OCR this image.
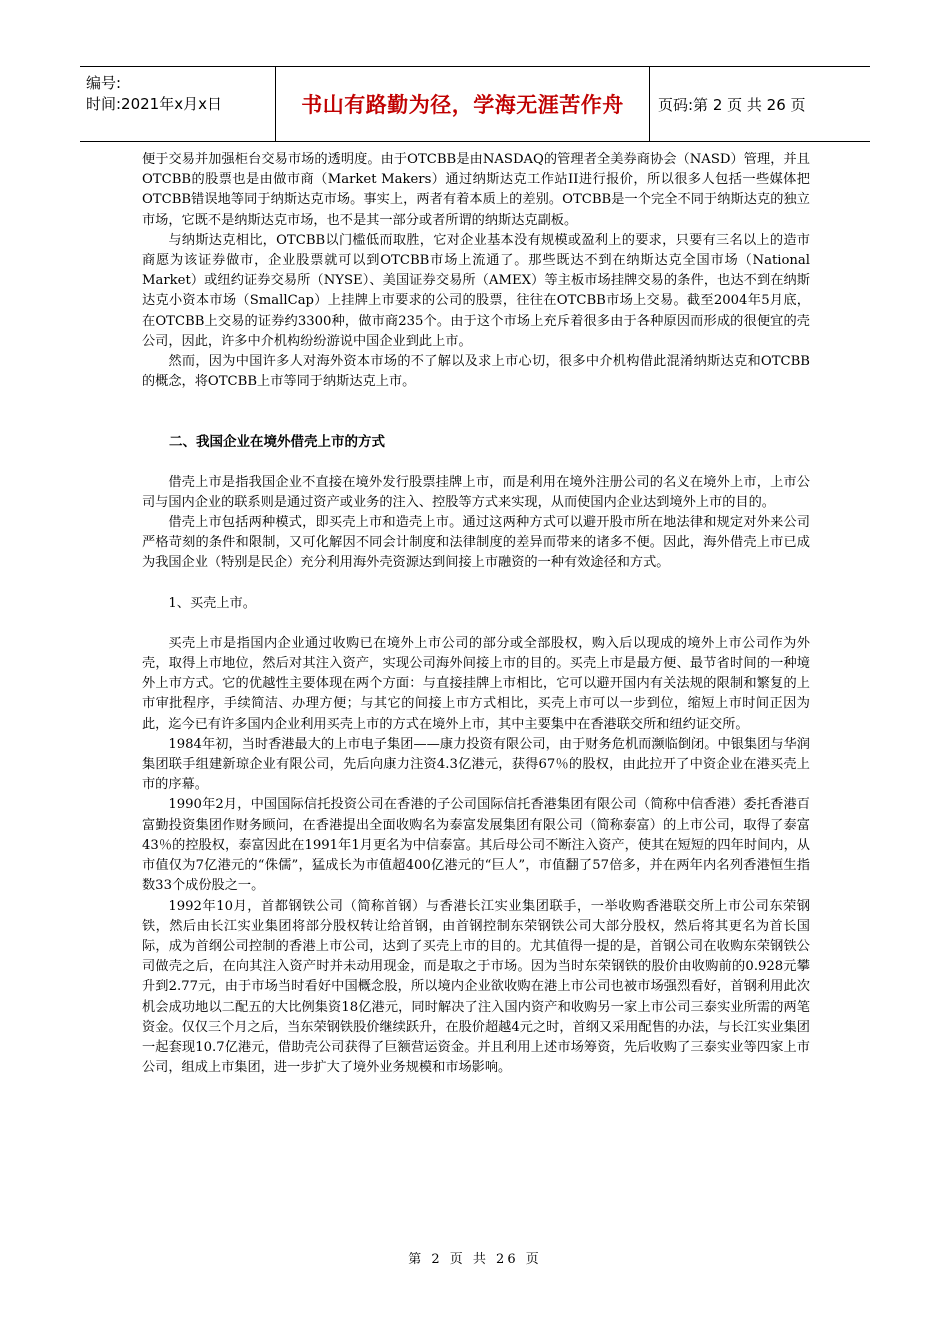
编号:
时间:2021年x月x日	书山有路勤为径，学海无涯苦作舟	页码:第 2 页 共 26 页

便于交易并加强柜台交易市场的透明度。由于OTCBB是由NASDAQ的管理者全美券商协会（NASD）管理，并且OTCBB的股票也是由做市商（Market Makers）通过纳斯达克工作站II进行报价，所以很多人包括一些媒体把OTCBB错误地等同于纳斯达克市场。事实上，两者有着本质上的差别。OTCBB是一个完全不同于纳斯达克的独立市场，它既不是纳斯达克市场，也不是其一部分或者所谓的纳斯达克副板。

与纳斯达克相比，OTCBB以门槛低而取胜，它对企业基本没有规模或盈利上的要求，只要有三名以上的造市商愿为该证券做市，企业股票就可以到OTCBB市场上流通了。那些既达不到在纳斯达克全国市场（National Market）或纽约证券交易所（NYSE）、美国证券交易所（AMEX）等主板市场挂牌交易的条件，也达不到在纳斯达克小资本市场（SmallCap）上挂牌上市要求的公司的股票，往往在OTCBB市场上交易。截至2004年5月底，在OTCBB上交易的证券约3300种，做市商235个。由于这个市场上充斥着很多由于各种原因而形成的很便宜的壳公司，因此，许多中介机构纷纷游说中国企业到此上市。

然而，因为中国许多人对海外资本市场的不了解以及求上市心切，很多中介机构借此混淆纳斯达克和OTCBB的概念，将OTCBB上市等同于纳斯达克上市。

二、我国企业在境外借壳上市的方式

借壳上市是指我国企业不直接在境外发行股票挂牌上市，而是利用在境外注册公司的名义在境外上市，上市公司与国内企业的联系则是通过资产或业务的注入、控股等方式来实现，从而使国内企业达到境外上市的目的。

借壳上市包括两种模式，即买壳上市和造壳上市。通过这两种方式可以避开股市所在地法律和规定对外来公司严格苛刻的条件和限制，又可化解因不同会计制度和法律制度的差异而带来的诸多不便。因此，海外借壳上市已成为我国企业（特别是民企）充分利用海外壳资源达到间接上市融资的一种有效途径和方式。

1、买壳上市。

买壳上市是指国内企业通过收购已在境外上市公司的部分或全部股权，购入后以现成的境外上市公司作为外壳，取得上市地位，然后对其注入资产，实现公司海外间接上市的目的。买壳上市是最方便、最节省时间的一种境外上市方式。它的优越性主要体现在两个方面：与直接挂牌上市相比，它可以避开国内有关法规的限制和繁复的上市审批程序，手续简洁、办理方便；与其它的间接上市方式相比，买壳上市可以一步到位，缩短上市时间正因为此，迄今已有许多国内企业利用买壳上市的方式在境外上市，其中主要集中在香港联交所和纽约证交所。

1984年初，当时香港最大的上市电子集团——康力投资有限公司，由于财务危机而濒临倒闭。中银集团与华润集团联手组建新琼企业有限公司，先后向康力注资4.3亿港元，获得67％的股权，由此拉开了中资企业在港买壳上市的序幕。

1990年2月，中国国际信托投资公司在香港的子公司国际信托香港集团有限公司（简称中信香港）委托香港百富勤投资集团作财务顾问，在香港提出全面收购名为泰富发展集团有限公司（简称泰富）的上市公司，取得了泰富43％的控股权，泰富因此在1991年1月更名为中信泰富。其后母公司不断注入资产，使其在短短的四年时间内，从市值仅为7亿港元的“侏儒”，猛成长为市值超400亿港元的“巨人”，市值翻了57倍多，并在两年内名列香港恒生指数33个成份股之一。

1992年10月，首都钢铁公司（简称首钢）与香港长江实业集团联手，一举收购香港联交所上市公司东荣钢铁，然后由长江实业集团将部分股权转让给首钢，由首钢控制东荣钢铁公司大部分股权，然后将其更名为首长国际，成为首纲公司控制的香港上市公司，达到了买壳上市的目的。尤其值得一提的是，首钢公司在收购东荣钢铁公司做壳之后，在向其注入资产时并未动用现金，而是取之于市场。因为当时东荣钢铁的股价由收购前的0.928元攀升到2.77元，由于市场当时看好中国概念股，所以境内企业欲收购在港上市公司也被市场强烈看好，首钢利用此次机会成功地以二配五的大比例集资18亿港元，同时解决了注入国内资产和收购另一家上市公司三泰实业所需的两笔资金。仅仅三个月之后，当东荣钢铁股价继续跃升，在股价超越4元之时，首纲又采用配售的办法，与长江实业集团一起套现10.7亿港元，借助壳公司获得了巨额营运资金。并且利用上述市场筹资，先后收购了三泰实业等四家上市公司，组成上市集团，进一步扩大了境外业务规模和市场影响。

第 2 页 共 26 页
